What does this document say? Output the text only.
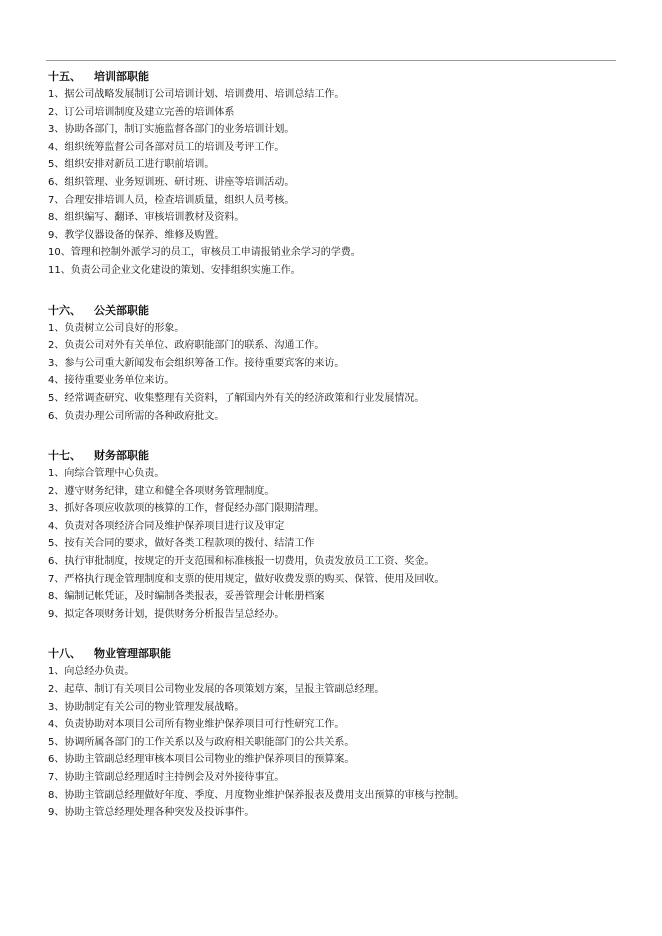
十五、 培训部职能
1、据公司战略发展制订公司培训计划、培训费用、培训总结工作。
2、订公司培训制度及建立完善的培训体系
3、协助各部门，制订实施监督各部门的业务培训计划。
4、组织统筹监督公司各部对员工的培训及考评工作。
5、组织安排对新员工进行职前培训。
6、组织管理、业务短训班、研讨班、讲座等培训活动。
7、合理安排培训人员，检查培训质量，组织人员考核。
8、组织编写、翻译、审核培训教材及资料。
9、教学仪器设备的保养、维修及购置。
10、管理和控制外派学习的员工，审核员工申请报销业余学习的学费。
11、负责公司企业文化建设的策划、安排组织实施工作。
十六、 公关部职能
1、负责树立公司良好的形象。
2、负责公司对外有关单位、政府职能部门的联系、沟通工作。
3、参与公司重大新闻发布会组织筹备工作。接待重要宾客的来访。
4、接待重要业务单位来访。
5、经常调查研究、收集整理有关资料，了解国内外有关的经济政策和行业发展情况。
6、负责办理公司所需的各种政府批文。
十七、 财务部职能
1、向综合管理中心负责。
2、遵守财务纪律，建立和健全各项财务管理制度。
3、抓好各项应收款项的核算的工作，督促经办部门限期清理。
4、负责对各项经济合同及维护保养项目进行议及审定
5、按有关合同的要求，做好各类工程款项的拨付、结清工作
6、执行审批制度，按规定的开支范围和标准核报一切费用，负责发放员工工资、奖金。
7、严格执行现金管理制度和支票的使用规定，做好收费发票的购买、保管、使用及回收。
8、编制记帐凭证，及时编制各类报表，妥善管理会计帐册档案
9、拟定各项财务计划，提供财务分析报告呈总经办。
十八、 物业管理部职能
1、向总经办负责。
2、起草、制订有关项目公司物业发展的各项策划方案，呈报主管副总经理。
3、协助制定有关公司的物业管理发展战略。
4、负责协助对本项目公司所有物业维护保养项目可行性研究工作。
5、协调所属各部门的工作关系以及与政府相关职能部门的公共关系。
6、协助主管副总经理审核本项目公司物业的维护保养项目的预算案。
7、协助主管副总经理适时主持例会及对外接待事宜。
8、协助主管副总经理做好年度、季度、月度物业维护保养报表及费用支出预算的审核与控制。
9、协助主管总经理处理各种突发及投诉事件。
